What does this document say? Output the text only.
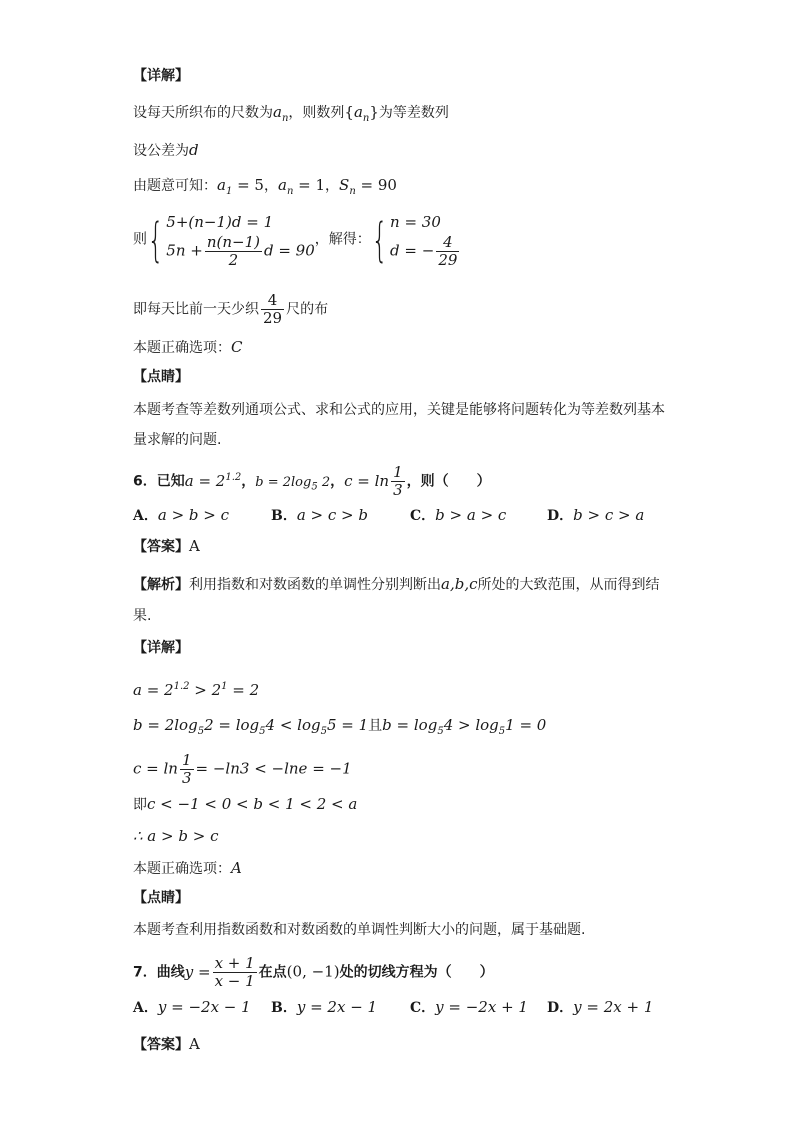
【详解】
设每天所织布的尺数为$a_n$，则数列$\{a_n\}$为等差数列
设公差为d
由题意可知：$a_1 = 5$，$a_n = 1$，$S_n = 90$
则{ 5+(n−1)d = 1
$5n + \frac{n(n-1)}{2}$ d = 90
，解得：{ n = 30
d = − $\frac{4}{29}$
即每天比前一天少织 $\frac{4}{29}$ 尺的布
本题正确选项：C
【点睛】
本题考查等差数列通项公式、求和公式的应用，关键是能够将问题转化为等差数列基本
量求解的问题.
6．已知$a = 2^{1.2}$，$b = 2\log_5$ 2，$c = \ln \frac{1}{3}$ ，则（　　）
A．a > b > c	B．a > c > b	C．b > a > c	D．b > c > a
【答案】A
【解析】利用指数和对数函数的单调性分别判断出a,b,c所处的大致范围，从而得到结
果.
【详解】
$a = 2^{1.2} > 2^1 = 2$
$b = 2\log_52 = \log_54 < \log_55 = 1$且$b = \log_54 > \log_51 = 0$
$c = \ln \frac{1}{3} = -\ln 3 < -\ln e = -1$
即c < −1 < 0 < b < 1 < 2 < a
∴ a > b > c
本题正确选项：A
【点睛】
本题考查利用指数函数和对数函数的单调性判断大小的问题，属于基础题.
7．曲线$y = \frac{x + 1}{x - 1}$ 在点(0, −1)处的切线方程为（　　）
A．y = −2x − 1 B．y = 2x − 1 C．y = −2x + 1 D．y = 2x + 1
【答案】A
